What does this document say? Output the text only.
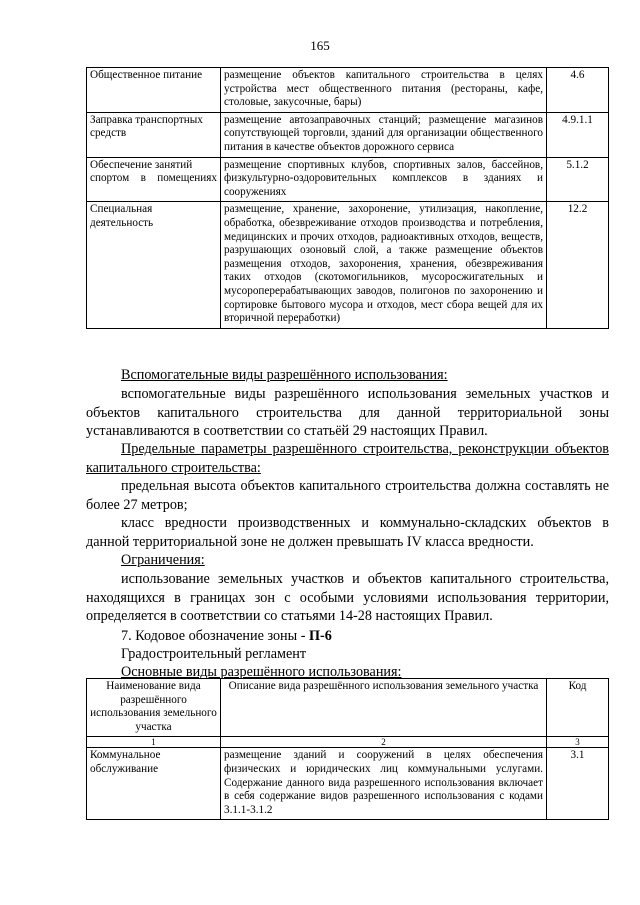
165
Общественное питание	размещение объектов капитального строительства в целях устройства мест общественного питания (рестораны, кафе, столовые, закусочные, бары)	4.6
Заправка транспортных средств	размещение автозаправочных станций; размещение магазинов сопутствующей торговли, зданий для организации общественного питания в качестве объектов дорожного сервиса	4.9.1.1
Обеспечение занятий спортом в помещениях	размещение спортивных клубов, спортивных залов, бассейнов, физкультурно-оздоровительных комплексов в зданиях и сооружениях	5.1.2
Специальная деятельность	размещение, хранение, захоронение, утилизация, накопление, обработка, обезвреживание отходов производства и потребления, медицинских и прочих отходов, радиоактивных отходов, веществ, разрушающих озоновый слой, а также размещение объектов размещения отходов, захоронения, хранения, обезвреживания таких отходов (скотомогильников, мусоросжигательных и мусороперерабатывающих заводов, полигонов по захоронению и сортировке бытового мусора и отходов, мест сбора вещей для их вторичной переработки)	12.2

Вспомогательные виды разрешённого использования:

вспомогательные виды разрешённого использования земельных участков и объектов капитального строительства для данной территориальной зоны устанавливаются в соответствии со статьёй 29 настоящих Правил.

Предельные параметры разрешённого строительства, реконструкции объектов капитального строительства:

предельная высота объектов капитального строительства должна составлять не более 27 метров;

класс вредности производственных и коммунально-складских объектов в данной территориальной зоне не должен превышать IV класса вредности.

Ограничения:

использование земельных участков и объектов капитального строительства, находящихся в границах зон с особыми условиями использования территории, определяется в соответствии со статьями 14-28 настоящих Правил.

7. Кодовое обозначение зоны - П-6

Градостроительный регламент

Основные виды разрешённого использования:

Наименование вида разрешённого использования земельного участка	Описание вида разрешённого использования земельного участка	Код
1	2	3
Коммунальное обслуживание	размещение зданий и сооружений в целях обеспечения физических и юридических лиц коммунальными услугами. Содержание данного вида разрешенного использования включает в себя содержание видов разрешенного использования с кодами 3.1.1-3.1.2	3.1
